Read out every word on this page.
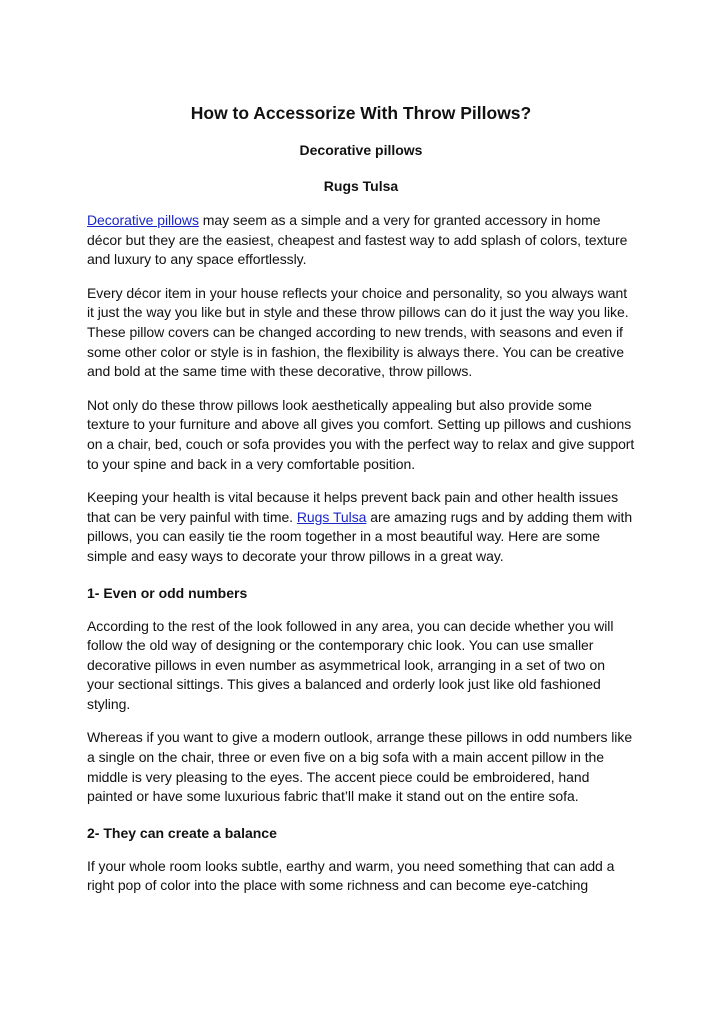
How to Accessorize With Throw Pillows?
Decorative pillows
Rugs Tulsa

Decorative pillows may seem as a simple and a very for granted accessory in home décor but they are the easiest, cheapest and fastest way to add splash of colors, texture and luxury to any space effortlessly.

Every décor item in your house reflects your choice and personality, so you always want it just the way you like but in style and these throw pillows can do it just the way you like. These pillow covers can be changed according to new trends, with seasons and even if some other color or style is in fashion, the flexibility is always there. You can be creative and bold at the same time with these decorative, throw pillows.

Not only do these throw pillows look aesthetically appealing but also provide some texture to your furniture and above all gives you comfort. Setting up pillows and cushions on a chair, bed, couch or sofa provides you with the perfect way to relax and give support to your spine and back in a very comfortable position.

Keeping your health is vital because it helps prevent back pain and other health issues that can be very painful with time. Rugs Tulsa are amazing rugs and by adding them with pillows, you can easily tie the room together in a most beautiful way. Here are some simple and easy ways to decorate your throw pillows in a great way.

1- Even or odd numbers

According to the rest of the look followed in any area, you can decide whether you will follow the old way of designing or the contemporary chic look. You can use smaller decorative pillows in even number as asymmetrical look, arranging in a set of two on your sectional sittings. This gives a balanced and orderly look just like old fashioned styling.

Whereas if you want to give a modern outlook, arrange these pillows in odd numbers like a single on the chair, three or even five on a big sofa with a main accent pillow in the middle is very pleasing to the eyes. The accent piece could be embroidered, hand painted or have some luxurious fabric that’ll make it stand out on the entire sofa.

2- They can create a balance

If your whole room looks subtle, earthy and warm, you need something that can add a right pop of color into the place with some richness and can become eye-catching
